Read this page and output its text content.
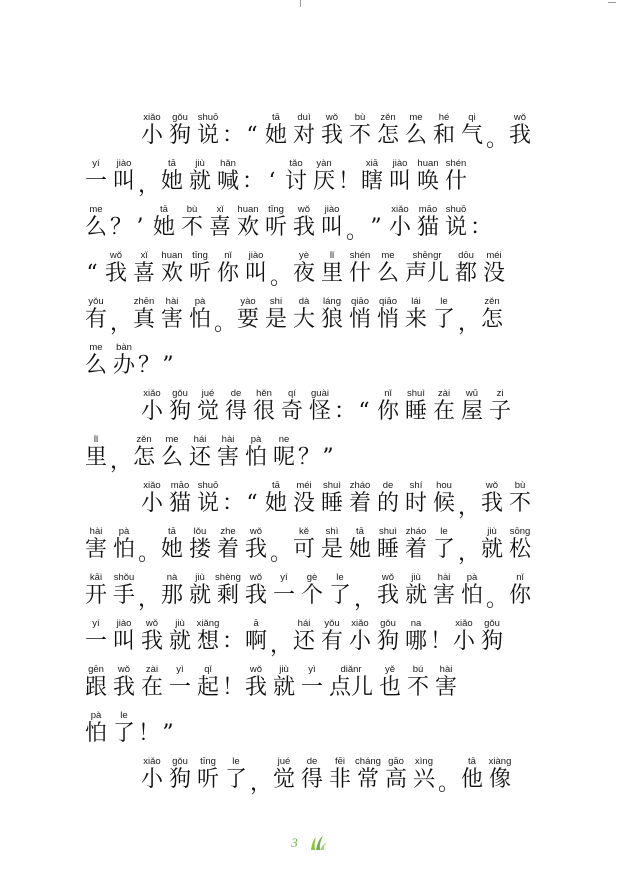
xiǎo
小
gǒu
狗
shuō
说 ： “
tā
她
duì
对
wǒ
我
bù
不
zěn
怎
me
么
hé
和
qi
气 。
wǒ
我
yí
一
jiào
叫 ，
tā
她
jiù
就
hǎn
喊 ： ‘
tǎo
讨
yàn
厌 ！
xiā
瞎
jiào
叫
huan
唤
shén
什
me
么 ？ ’
tā
她
bù
不
xǐ
喜
huan
欢
tīng
听
wǒ
我
jiào
叫 。 ”
xiǎo
小
māo
猫
shuō
说 ：
“
wǒ
我
xǐ
喜
huan
欢
tīng
听
nǐ
你
jiào
叫 。
yè
夜
lǐ
里
shén
什
me
么
shēngr
声儿
dōu
都
méi
没
yǒu
有 ，
zhēn
真
hài
害
pà
怕 。
yào
要
shi
是
dà
大
láng
狼
qiāo
悄
qiāo
悄
lái
来
le
了 ，
zěn
怎
me
么
bàn
办 ？ ”
xiǎo
小
gǒu
狗
jué
觉
de
得
hěn
很
qí
奇
guài
怪 ： “
nǐ
你
shuì
睡
zài
在
wū
屋
zi
子
lǐ
里 ，
zěn
怎
me
么
hái
还
hài
害
pà
怕
ne
呢 ？ ”
xiǎo
小
māo
猫
shuō
说 ： “
tā
她
méi
没
shuì
睡
zháo
着
de
的
shí
时
hou
候 ，
wǒ
我
bù
不
hài
害
pà
怕 。
tā
她
lǒu
搂
zhe
着
wǒ
我 。
kě
可
shì
是
tā
她
shuì
睡
zháo
着
le
了 ，
jiù
就
sōng
松
kāi
开
shǒu
手 ，
nà
那
jiù
就
shèng
剩
wǒ
我
yí
一
gè
个
le
了 ，
wǒ
我
jiù
就
hài
害
pà
怕 。
nǐ
你
yí
一
jiào
叫
wǒ
我
jiù
就
xiǎng
想 ：
ā
啊 ，
hái
还
yǒu
有
xiǎo
小
gǒu
狗
na
哪 ！
xiǎo
小
gǒu
狗
gēn
跟
wǒ
我
zài
在
yì
一
qǐ
起 ！
wǒ
我
jiù
就
yì
一
diǎnr
点儿
yě
也
bú
不
hài
害
pà
怕
le
了 ！ ”
xiǎo
小
gǒu
狗
tīng
听
le
了 ，
jué
觉
de
得
fēi
非
cháng
常
gāo
高
xìng
兴 。
tā
他
xiàng
像
3
